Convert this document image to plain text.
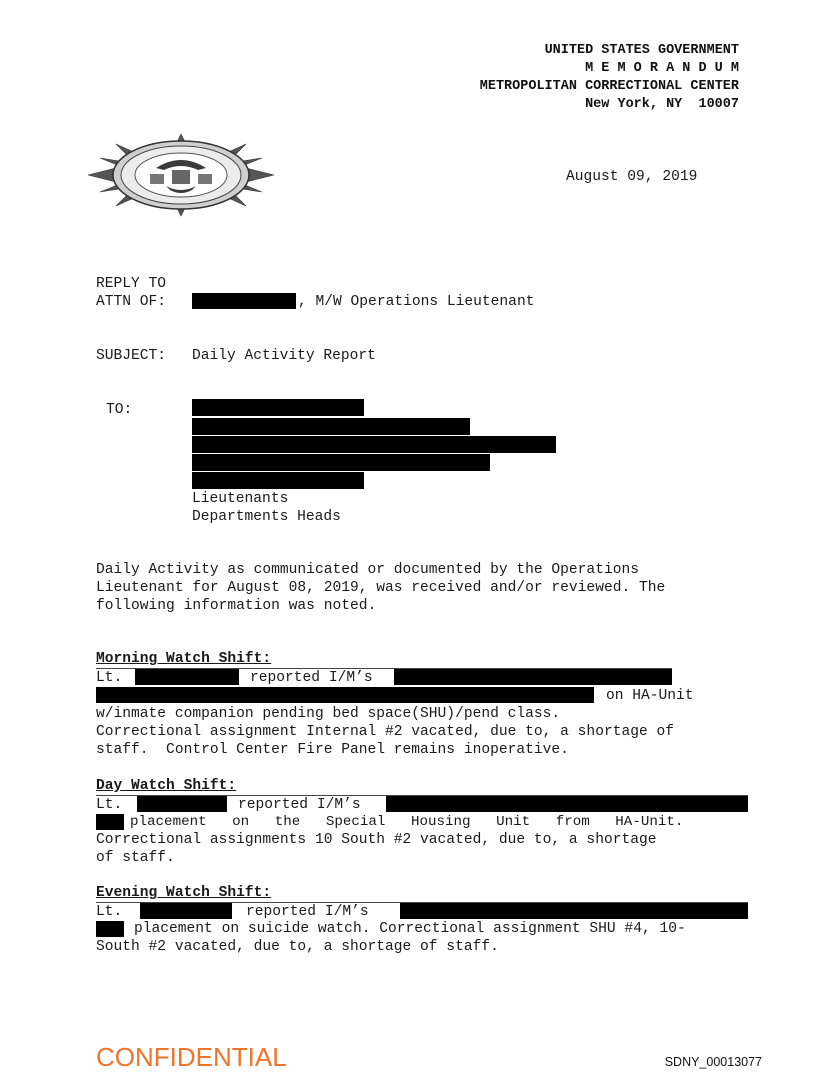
UNITED STATES GOVERNMENT
M E M O R A N D U M
METROPOLITAN CORRECTIONAL CENTER
New York, NY  10007
August 09, 2019
REPLY TO
ATTN OF:	, M/W Operations Lieutenant
SUBJECT: Daily Activity Report
TO:
Lieutenants
Departments Heads
Daily Activity as communicated or documented by the Operations
Lieutenant for August 08, 2019, was received and/or reviewed. The
following information was noted.
Morning Watch Shift:
Lt.	reported I/M’s
on HA-Unit
w/inmate companion pending bed space(SHU)/pend class.
Correctional assignment Internal #2 vacated, due to, a shortage of
staff.  Control Center Fire Panel remains inoperative.
Day Watch Shift:
Lt.	reported I/M’s
placement   on   the   Special   Housing   Unit   from   HA-Unit.
Correctional assignments 10 South #2 vacated, due to, a shortage
of staff.
Evening Watch Shift:
Lt.	reported I/M’s
placement on suicide watch. Correctional assignment SHU #4, 10-
South #2 vacated, due to, a shortage of staff.
CONFIDENTIAL	SDNY_00013077
